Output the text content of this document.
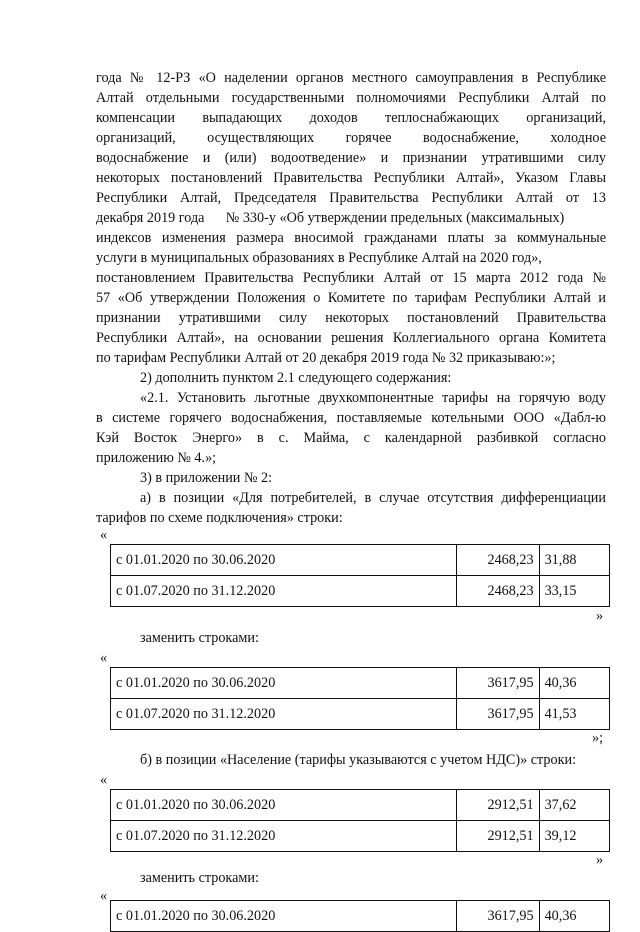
года № 12-РЗ «О наделении органов местного самоуправления в Республике
Алтай отдельными государственными полномочиями Республики Алтай по
компенсации выпадающих доходов теплоснабжающих организаций,
организаций, осуществляющих горячее водоснабжение, холодное
водоснабжение и (или) водоотведение» и признании утратившими силу
некоторых постановлений Правительства Республики Алтай», Указом Главы
Республики Алтай, Председателя Правительства Республики Алтай от 13
декабря 2019 года      № 330-у «Об утверждении предельных (максимальных)
индексов изменения размера вносимой гражданами платы за коммунальные
услуги в муниципальных образованиях в Республике Алтай на 2020 год»,
постановлением Правительства Республики Алтай от 15 марта 2012 года №
57 «Об утверждении Положения о Комитете по тарифам Республики Алтай и
признании утратившими силу некоторых постановлений Правительства
Республики Алтай», на основании решения Коллегиального органа Комитета
по тарифам Республики Алтай от 20 декабря 2019 года № 32 приказываю:»;
2) дополнить пунктом 2.1 следующего содержания:
«2.1. Установить льготные двухкомпонентные тарифы на горячую воду
в системе горячего водоснабжения, поставляемые котельными ООО «Дабл-ю
Кэй Восток Энерго» в с. Майма, с календарной разбивкой согласно
приложению № 4.»;
3) в приложении № 2:
а) в позиции «Для потребителей, в случае отсутствия дифференциации
тарифов по схеме подключения» строки:
«
с 01.01.2020 по 30.06.2020	2468,23	31,88
с 01.07.2020 по 31.12.2020	2468,23	33,15
»
заменить строками:
«
с 01.01.2020 по 30.06.2020	3617,95	40,36
с 01.07.2020 по 31.12.2020	3617,95	41,53
»;
б) в позиции «Население (тарифы указываются с учетом НДС)» строки:
«
с 01.01.2020 по 30.06.2020	2912,51	37,62
с 01.07.2020 по 31.12.2020	2912,51	39,12
»
заменить строками:
«
с 01.01.2020 по 30.06.2020	3617,95	40,36
